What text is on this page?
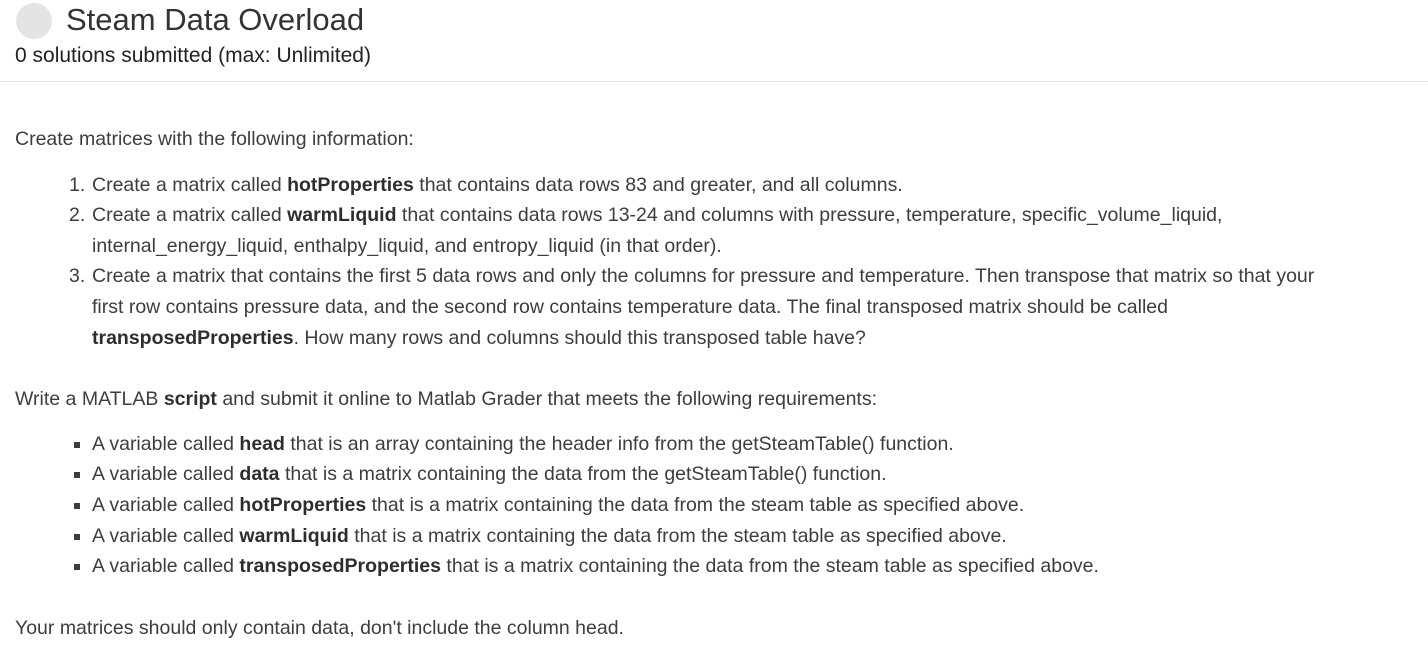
Steam Data Overload
0 solutions submitted (max: Unlimited)

Create matrices with the following information:

Create a matrix called hotProperties that contains data rows 83 and greater, and all columns.

Create a matrix called warmLiquid that contains data rows 13-24 and columns with pressure, temperature, specific_volume_liquid,

internal_energy_liquid, enthalpy_liquid, and entropy_liquid (in that order).

Create a matrix that contains the first 5 data rows and only the columns for pressure and temperature. Then transpose that matrix so that your

first row contains pressure data, and the second row contains temperature data. The final transposed matrix should be called

transposedProperties. How many rows and columns should this transposed table have?

Write a MATLAB script and submit it online to Matlab Grader that meets the following requirements:

A variable called head that is an array containing the header info from the getSteamTable() function.
A variable called data that is a matrix containing the data from the getSteamTable() function.
A variable called hotProperties that is a matrix containing the data from the steam table as specified above.
A variable called warmLiquid that is a matrix containing the data from the steam table as specified above.
A variable called transposedProperties that is a matrix containing the data from the steam table as specified above.

Your matrices should only contain data, don't include the column head.
